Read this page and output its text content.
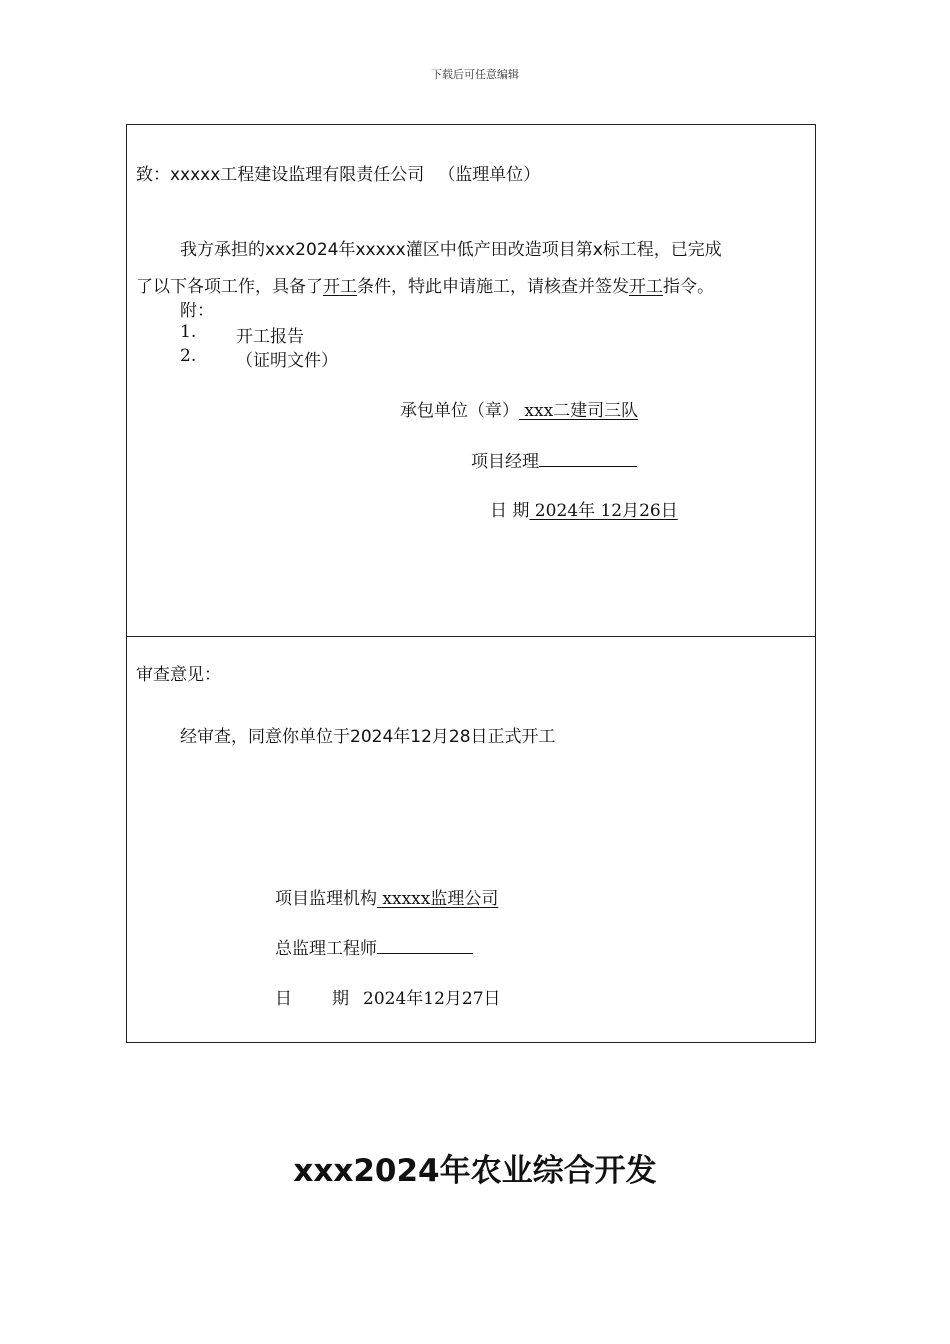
下载后可任意编辑
致：xxxxx工程建设监理有限责任公司 （监理单位）
我方承担的xxx2024年xxxxx灌区中低产田改造项目第x标工程，已完成
了以下各项工作，具备了开工条件，特此申请施工，请核查并签发开工指令。
附：
1. 开工报告
2. （证明文件）
承包单位（章） xxx二建司三队
项目经理
日 期 2024年 12月26日
审查意见：
经审查，同意你单位于2024年12月28日正式开工
项目监理机构 xxxxx监理公司
总监理工程师
日 期 2024年12月27日
xxx2024年农业综合开发
